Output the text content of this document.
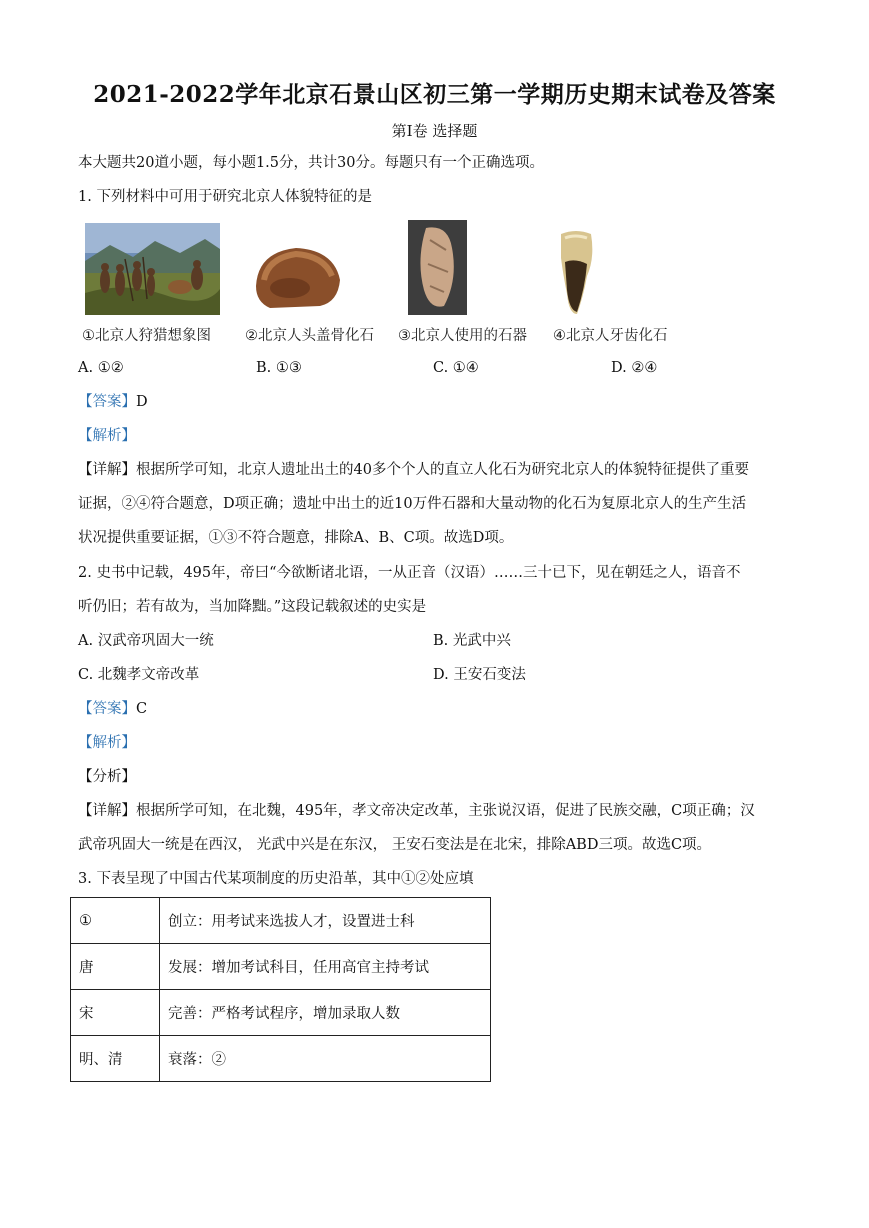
2021-2022学年北京石景山区初三第一学期历史期末试卷及答案
第Ⅰ卷 选择题
本大题共20道小题，每小题1.5分，共计30分。每题只有一个正确选项。
1. 下列材料中可用于研究北京人体貌特征的是
①北京人狩猎想象图 ②北京人头盖骨化石 ③北京人使用的石器 ④北京人牙齿化石
A. ①②	B. ①③	C. ①④	D. ②④
【答案】D
【解析】
【详解】根据所学可知，北京人遗址出土的40多个个人的直立人化石为研究北京人的体貌特征提供了重要
证据，②④符合题意，D项正确；遗址中出土的近10万件石器和大量动物的化石为复原北京人的生产生活
状况提供重要证据，①③不符合题意，排除A、B、C项。故选D项。
2. 史书中记载，495年，帝曰“今欲断诸北语，一从正音（汉语）……三十已下，见在朝廷之人，语音不
听仍旧；若有故为，当加降黜。”这段记载叙述的史实是
A. 汉武帝巩固大一统	B. 光武中兴
C. 北魏孝文帝改革	D. 王安石变法
【答案】C
【解析】
【分析】
【详解】根据所学可知，在北魏，495年，孝文帝决定改革，主张说汉语，促进了民族交融，C项正确；汉
武帝巩固大一统是在西汉， 光武中兴是在东汉， 王安石变法是在北宋，排除ABD三项。故选C项。
3. 下表呈现了中国古代某项制度的历史沿革，其中①②处应填
①	创立：用考试来选拔人才，设置进士科
唐	发展：增加考试科目，任用高官主持考试
宋	完善：严格考试程序，增加录取人数
明、清	衰落：②
